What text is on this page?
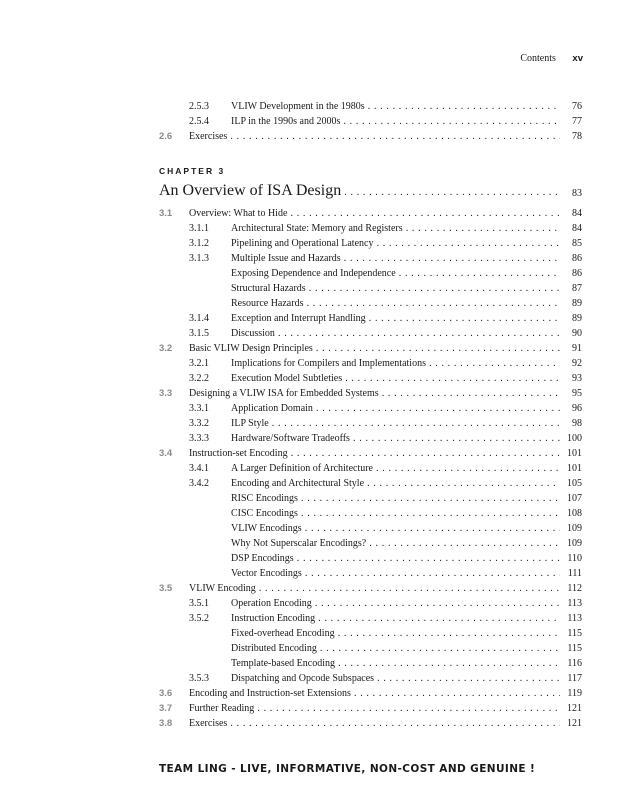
Contents xv
2.5.3 VLIW Development in the 1980s . . .	76
2.5.4 ILP in the 1990s and 2000s . . .	77
2.6 Exercises . . .	78
CHAPTER 3
An Overview of ISA Design . . .	83
3.1 Overview: What to Hide . . .	84
3.1.1 Architectural State: Memory and Registers . . .	84
3.1.2 Pipelining and Operational Latency . . .	85
3.1.3 Multiple Issue and Hazards . . .	86
Exposing Dependence and Independence . . .	86
Structural Hazards . . .	87
Resource Hazards . . .	89
3.1.4 Exception and Interrupt Handling . . .	89
3.1.5 Discussion . . .	90
3.2 Basic VLIW Design Principles . . .	91
3.2.1 Implications for Compilers and Implementations . . .	92
3.2.2 Execution Model Subtleties . . .	93
3.3 Designing a VLIW ISA for Embedded Systems . . .	95
3.3.1 Application Domain . . .	96
3.3.2 ILP Style . . .	98
3.3.3 Hardware/Software Tradeoffs . . .	100
3.4 Instruction-set Encoding . . .	101
3.4.1 A Larger Definition of Architecture . . .	101
3.4.2 Encoding and Architectural Style . . .	105
RISC Encodings . . .	107
CISC Encodings . . .	108
VLIW Encodings . . .	109
Why Not Superscalar Encodings? . . .	109
DSP Encodings . . .	110
Vector Encodings . . .	111
3.5 VLIW Encoding . . .	112
3.5.1 Operation Encoding . . .	113
3.5.2 Instruction Encoding . . .	113
Fixed-overhead Encoding . . .	115
Distributed Encoding . . .	115
Template-based Encoding . . .	116
3.5.3 Dispatching and Opcode Subspaces . . .	117
3.6 Encoding and Instruction-set Extensions . . .	119
3.7 Further Reading . . .	121
3.8 Exercises . . .	121
TEAM LING - LIVE, INFORMATIVE, NON-COST AND GENUINE !
